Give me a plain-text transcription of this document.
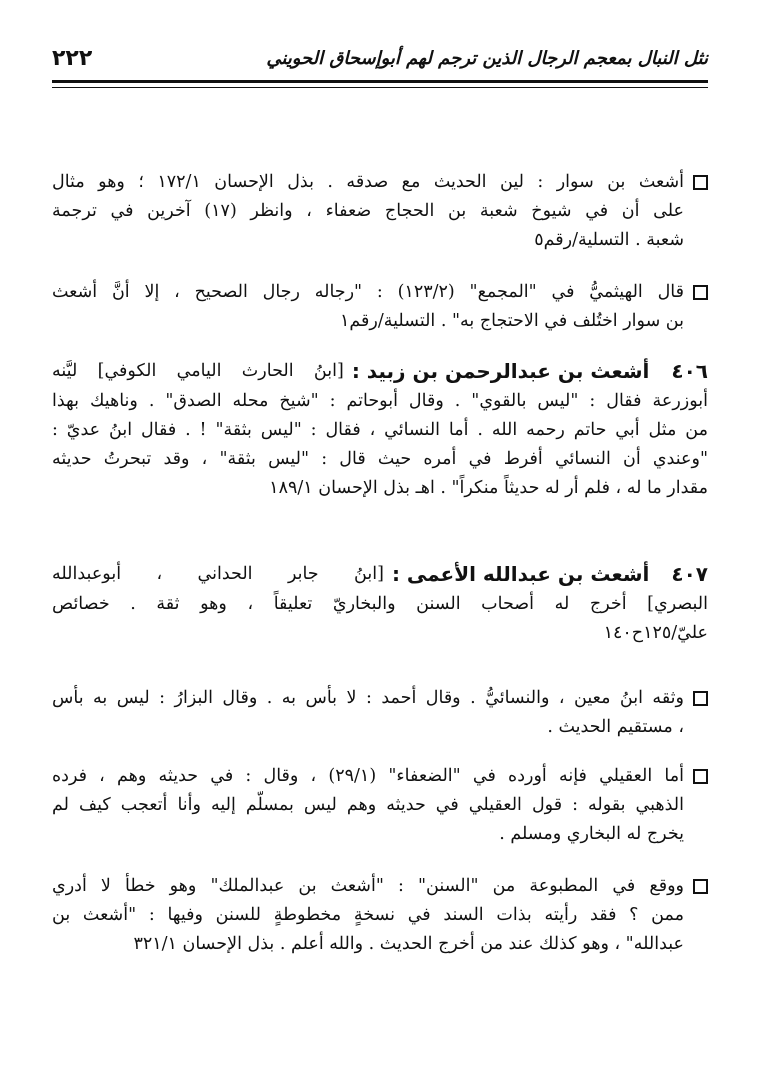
نثل النبال بمعجم الرجال الذين ترجم لهم أبوإسحاق الحويني
٢٢٢
أشعث بن سوار : لين الحديث مع صدقه . بذل الإحسان ١٧٢/١ ؛ وهو مثال
على أن في شيوخ شعبة بن الحجاج ضعفاء ، وانظر (١٧) آخرين في ترجمة
شعبة . التسلية/رقم٥
قال الهيثميُّ في "المجمع" (١٢٣/٢) : "رجاله رجال الصحيح ، إلا أنَّ أشعث
بن سوار اختُلف في الاحتجاج به" . التسلية/رقم١
٤٠٦
أشعث بن عبدالرحمن بن زبيد :
[ابنُ الحارث اليامي الكوفي] ليَّنه
أبوزرعة فقال : "ليس بالقوي" . وقال أبوحاتم : "شيخ محله الصدق" . وناهيك بهذا
من مثل أبي حاتم رحمه الله . أما النسائي ، فقال : "ليس بثقة" ! . فقال ابنُ عديّ :
"وعندي أن النسائي أفرط في أمره حيث قال : "ليس بثقة" ، وقد تبحرتُ حديثه
مقدار ما له ، فلم أر له حديثاً منكراً" . اهـ بذل الإحسان ١٨٩/١
٤٠٧
أشعث بن عبدالله الأعمى :
[ابنُ جابر الحداني ، أبوعبدالله
البصري] أخرج له أصحاب السنن والبخاريّ تعليقاً ، وهو ثقة . خصائص
عليّ/١٢٥ح١٤٠
وثقه ابنُ معين ، والنسائيُّ . وقال أحمد : لا بأس به . وقال البزارُ : ليس به بأس
، مستقيم الحديث .
أما العقيلي فإنه أورده في "الضعفاء" (٢٩/١) ، وقال : في حديثه وهم ، فرده
الذهبي بقوله : قول العقيلي في حديثه وهم ليس بمسلَّم إليه وأنا أتعجب كيف لم
يخرج له البخاري ومسلم .
ووقع في المطبوعة من "السنن" : "أشعث بن عبدالملك" وهو خطأ لا أدري
ممن ؟ فقد رأيته بذات السند في نسخةٍ مخطوطةٍ للسنن وفيها : "أشعث بن
عبدالله" ، وهو كذلك عند من أخرج الحديث . والله أعلم . بذل الإحسان ٣٢١/١
